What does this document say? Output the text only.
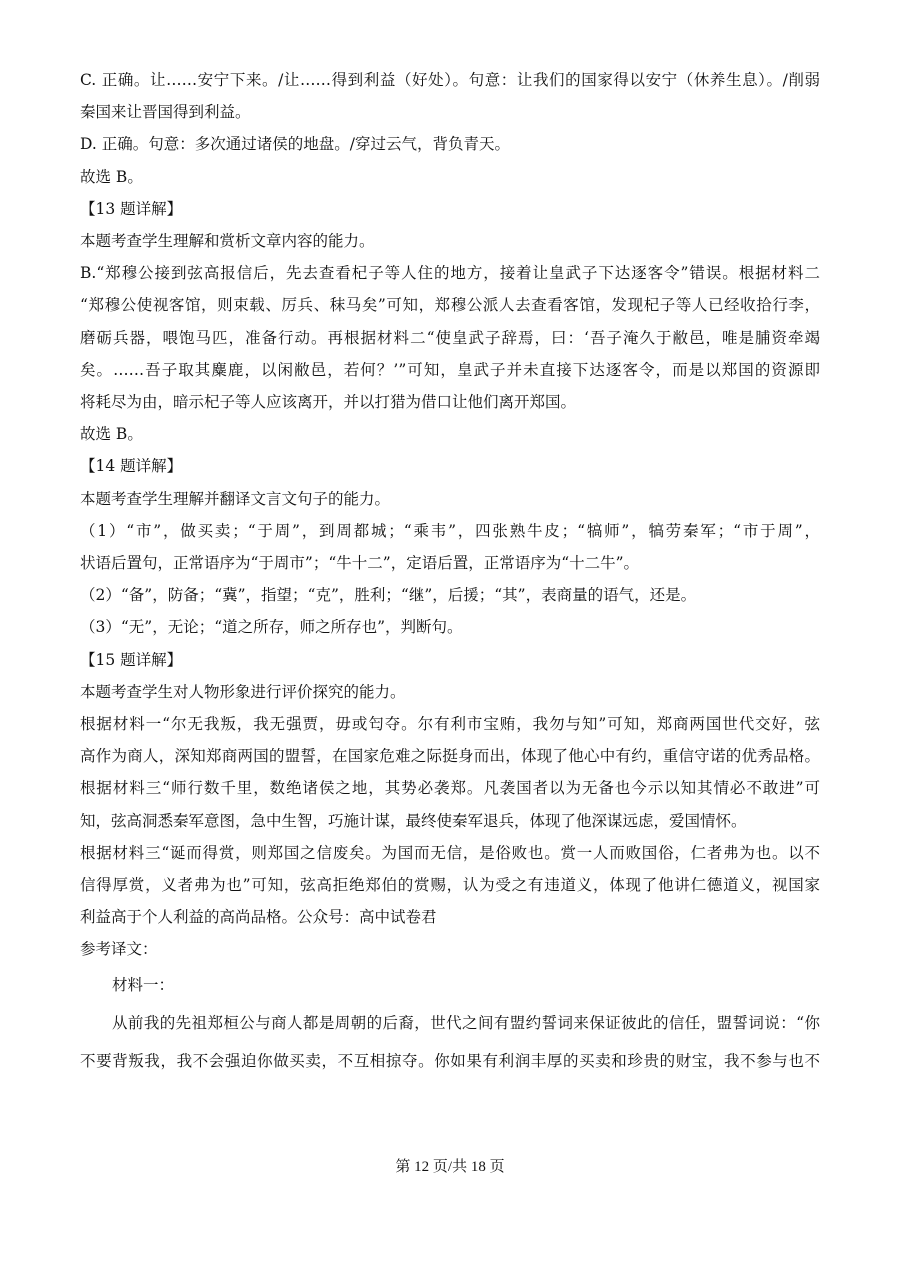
C. 正确。让……安宁下来。/让……得到利益（好处）。句意：让我们的国家得以安宁（休养生息）。/削弱
秦国来让晋国得到利益。
D. 正确。句意：多次通过诸侯的地盘。/穿过云气，背负青天。
故选 B。
【13 题详解】
本题考查学生理解和赏析文章内容的能力。
B.“郑穆公接到弦高报信后，先去查看杞子等人住的地方，接着让皇武子下达逐客令”错误。根据材料二
“郑穆公使视客馆，则束载、厉兵、秣马矣”可知，郑穆公派人去查看客馆，发现杞子等人已经收拾行李，
磨砺兵器，喂饱马匹，准备行动。再根据材料二“使皇武子辞焉，曰：‘吾子淹久于敝邑，唯是脯资牵竭
矣。……吾子取其麋鹿，以闲敝邑，若何？’”可知，皇武子并未直接下达逐客令，而是以郑国的资源即
将耗尽为由，暗示杞子等人应该离开，并以打猎为借口让他们离开郑国。
故选 B。
【14 题详解】
本题考查学生理解并翻译文言文句子的能力。
（1）“市”，做买卖；“于周”，到周都城；“乘韦”，四张熟牛皮；“犒师”，犒劳秦军；“市于周”，
状语后置句，正常语序为“于周市”；“牛十二”，定语后置，正常语序为“十二牛”。
（2）“备”，防备；“冀”，指望；“克”，胜利；“继”，后援；“其”，表商量的语气，还是。
（3）“无”，无论；“道之所存，师之所存也”，判断句。
【15 题详解】
本题考查学生对人物形象进行评价探究的能力。
根据材料一“尔无我叛，我无强贾，毋或匄夺。尔有利市宝贿，我勿与知”可知，郑商两国世代交好，弦
高作为商人，深知郑商两国的盟誓，在国家危难之际挺身而出，体现了他心中有约，重信守诺的优秀品格。
根据材料三“师行数千里，数绝诸侯之地，其势必袭郑。凡袭国者以为无备也今示以知其情必不敢进”可
知，弦高洞悉秦军意图，急中生智，巧施计谋，最终使秦军退兵，体现了他深谋远虑，爱国情怀。
根据材料三“诞而得赏，则郑国之信废矣。为国而无信，是俗败也。赏一人而败国俗，仁者弗为也。以不
信得厚赏，义者弗为也”可知，弦高拒绝郑伯的赏赐，认为受之有违道义，体现了他讲仁德道义，视国家
利益高于个人利益的高尚品格。公众号：高中试卷君
参考译文：
材料一：
从前我的先祖郑桓公与商人都是周朝的后裔，世代之间有盟约誓词来保证彼此的信任，盟誓词说：“你
不要背叛我，我不会强迫你做买卖，不互相掠夺。你如果有利润丰厚的买卖和珍贵的财宝，我不参与也不
第 12 页/共 18 页
